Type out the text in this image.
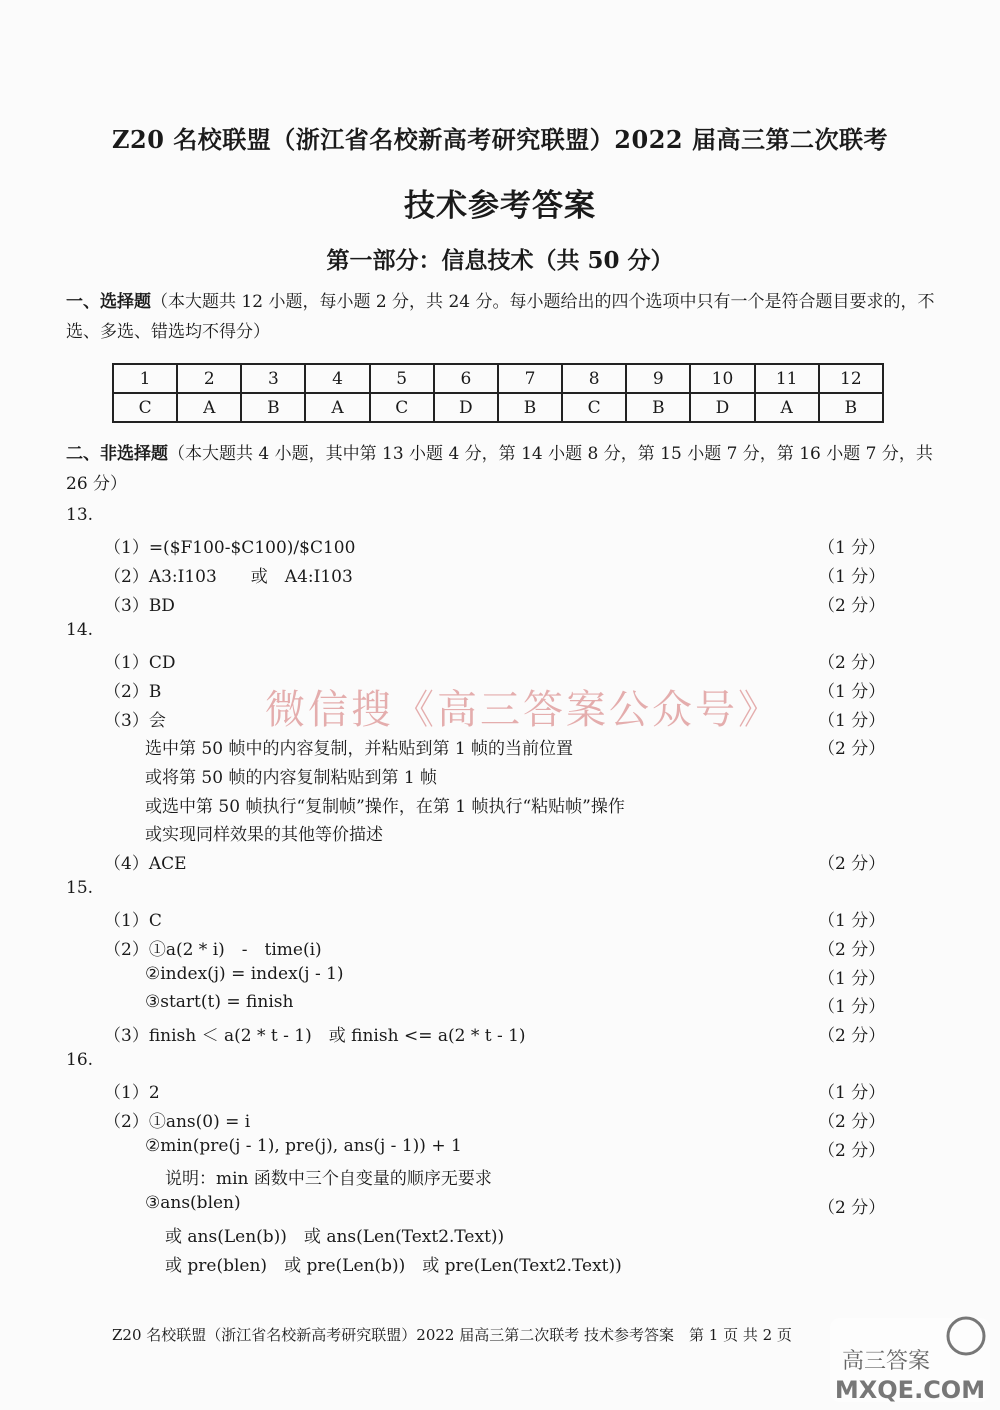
Z20 名校联盟（浙江省名校新高考研究联盟）2022 届高三第二次联考
技术参考答案
第一部分：信息技术（共 50 分）
一、选择题（本大题共 12 小题，每小题 2 分，共 24 分。每小题给出的四个选项中只有一个是符合题目要求的，不选、多选、错选均不得分）
1	2	3	4	5	6	7	8	9	10	11	12
C	A	B	A	C	D	B	C	B	D	A	B
二、非选择题（本大题共 4 小题，其中第 13 小题 4 分，第 14 小题 8 分，第 15 小题 7 分，第 16 小题 7 分，共 26 分）
13.
（1）=($F100-$C100)/$C100	（1 分）
（2）A3:I103　　或　A4:I103	（1 分）
（3）BD	（2 分）
14.
（1）CD	（2 分）
（2）B	（1 分）
（3）会	（1 分）
选中第 50 帧中的内容复制，并粘贴到第 1 帧的当前位置	（2 分）
或将第 50 帧的内容复制粘贴到第 1 帧
或选中第 50 帧执行“复制帧”操作，在第 1 帧执行“粘贴帧”操作
或实现同样效果的其他等价描述
（4）ACE	（2 分）
15.
（1）C	（1 分）
（2）①a(2 * i)　-　time(i)	（2 分）
②index(j) = index(j - 1)	（1 分）
③start(t) = finish	（1 分）
（3）finish ＜ a(2 * t - 1)　或 finish <= a(2 * t - 1)	（2 分）
16.
（1）2	（1 分）
（2）①ans(0) = i	（2 分）
②min(pre(j - 1), pre(j), ans(j - 1)) + 1	（2 分）
说明：min 函数中三个自变量的顺序无要求
③ans(blen)	（2 分）
或 ans(Len(b))　或 ans(Len(Text2.Text))
或 pre(blen)　或 pre(Len(b))　或 pre(Len(Text2.Text))
微信搜《高三答案公众号》
Z20 名校联盟（浙江省名校新高考研究联盟）2022 届高三第二次联考 技术参考答案　第 1 页 共 2 页
高三答案
MXQE.COM
